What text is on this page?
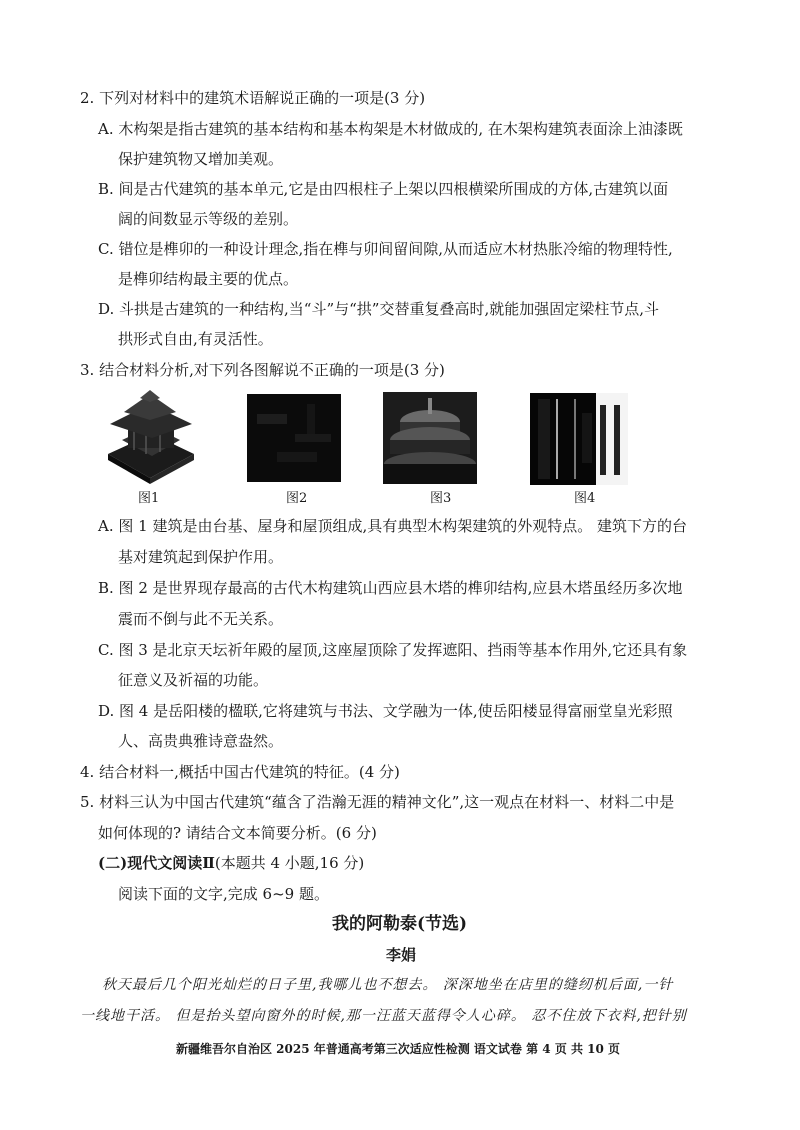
2. 下列对材料中的建筑术语解说正确的一项是(3 分)
A. 木构架是指古建筑的基本结构和基本构架是木材做成的, 在木架构建筑表面涂上油漆既
保护建筑物又增加美观。
B. 间是古代建筑的基本单元,它是由四根柱子上架以四根横梁所围成的方体,古建筑以面
阔的间数显示等级的差别。
C. 错位是榫卯的一种设计理念,指在榫与卯间留间隙,从而适应木材热胀冷缩的物理特性,
是榫卯结构最主要的优点。
D. 斗拱是古建筑的一种结构,当“斗”与“拱”交替重复叠高时,就能加强固定梁柱节点,斗
拱形式自由,有灵活性。
3. 结合材料分析,对下列各图解说不正确的一项是(3 分)
图1	图2	图3	图4
A. 图 1 建筑是由台基、屋身和屋顶组成,具有典型木构架建筑的外观特点。 建筑下方的台
基对建筑起到保护作用。
B. 图 2 是世界现存最高的古代木构建筑山西应县木塔的榫卯结构,应县木塔虽经历多次地
震而不倒与此不无关系。
C. 图 3 是北京天坛祈年殿的屋顶,这座屋顶除了发挥遮阳、挡雨等基本作用外,它还具有象
征意义及祈福的功能。
D. 图 4 是岳阳楼的楹联,它将建筑与书法、文学融为一体,使岳阳楼显得富丽堂皇光彩照
人、高贵典雅诗意盎然。
4. 结合材料一,概括中国古代建筑的特征。(4 分)
5. 材料三认为中国古代建筑“蕴含了浩瀚无涯的精神文化”,这一观点在材料一、材料二中是
如何体现的? 请结合文本简要分析。(6 分)
(二)现代文阅读Ⅱ(本题共 4 小题,16 分)
阅读下面的文字,完成 6~9 题。
我的阿勒泰(节选)
李娟
秋天最后几个阳光灿烂的日子里,我哪儿也不想去。 深深地坐在店里的缝纫机后面,一针
一线地干活。 但是抬头望向窗外的时候,那一汪蓝天蓝得令人心碎。 忍不住放下衣料,把针别
新疆维吾尔自治区 2025 年普通高考第三次适应性检测 语文试卷 第 4 页 共 10 页
